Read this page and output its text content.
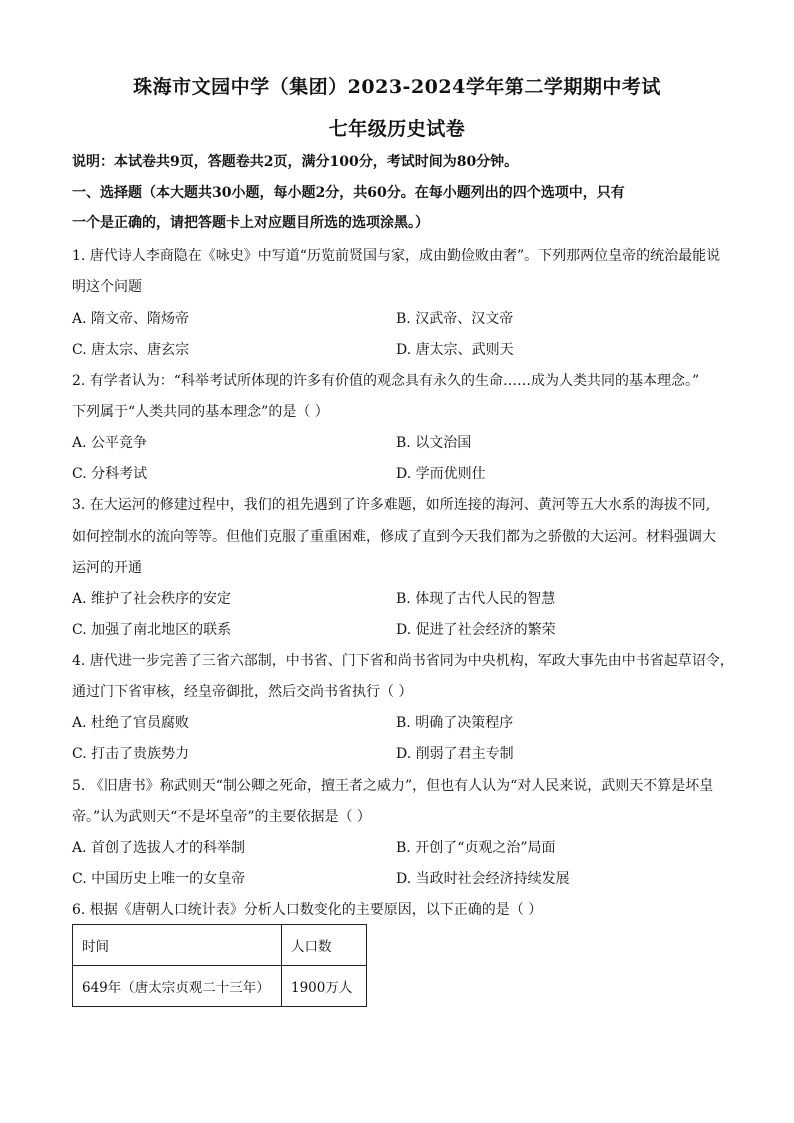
珠海市文园中学（集团）2023-2024学年第二学期期中考试
七年级历史试卷
说明：本试卷共9页，答题卷共2页，满分100分，考试时间为80分钟。
一、选择题（本大题共30小题，每小题2分，共60分。在每小题列出的四个选项中，只有
一个是正确的，请把答题卡上对应题目所选的选项涂黑。）
1. 唐代诗人李商隐在《咏史》中写道“历览前贤国与家，成由勤俭败由奢”。下列那两位皇帝的统治最能说
明这个问题
A. 隋文帝、隋炀帝	B. 汉武帝、汉文帝
C. 唐太宗、唐玄宗	D. 唐太宗、武则天
2. 有学者认为：“科举考试所体现的许多有价值的观念具有永久的生命……成为人类共同的基本理念。”
下列属于“人类共同的基本理念”的是（ ）
A. 公平竞争	B. 以文治国
C. 分科考试	D. 学而优则仕
3. 在大运河的修建过程中，我们的祖先遇到了许多难题，如所连接的海河、黄河等五大水系的海拔不同,
如何控制水的流向等等。但他们克服了重重困难，修成了直到今天我们都为之骄傲的大运河。材料强调大
运河的开通
A. 维护了社会秩序的安定	B. 体现了古代人民的智慧
C. 加强了南北地区的联系	D. 促进了社会经济的繁荣
4. 唐代进一步完善了三省六部制，中书省、门下省和尚书省同为中央机构，军政大事先由中书省起草诏令，
通过门下省审核，经皇帝御批，然后交尚书省执行（ ）
A. 杜绝了官员腐败	B. 明确了决策程序
C. 打击了贵族势力	D. 削弱了君主专制
5. 《旧唐书》称武则天“制公卿之死命，擅王者之威力”，但也有人认为“对人民来说，武则天不算是坏皇
帝。”认为武则天“不是坏皇帝”的主要依据是（ ）
A. 首创了选拔人才的科举制	B. 开创了“贞观之治”局面
C. 中国历史上唯一的女皇帝	D. 当政时社会经济持续发展
6. 根据《唐朝人口统计表》分析人口数变化的主要原因，以下正确的是（ ）
时间	人口数
649年（唐太宗贞观二十三年）	1900万人
